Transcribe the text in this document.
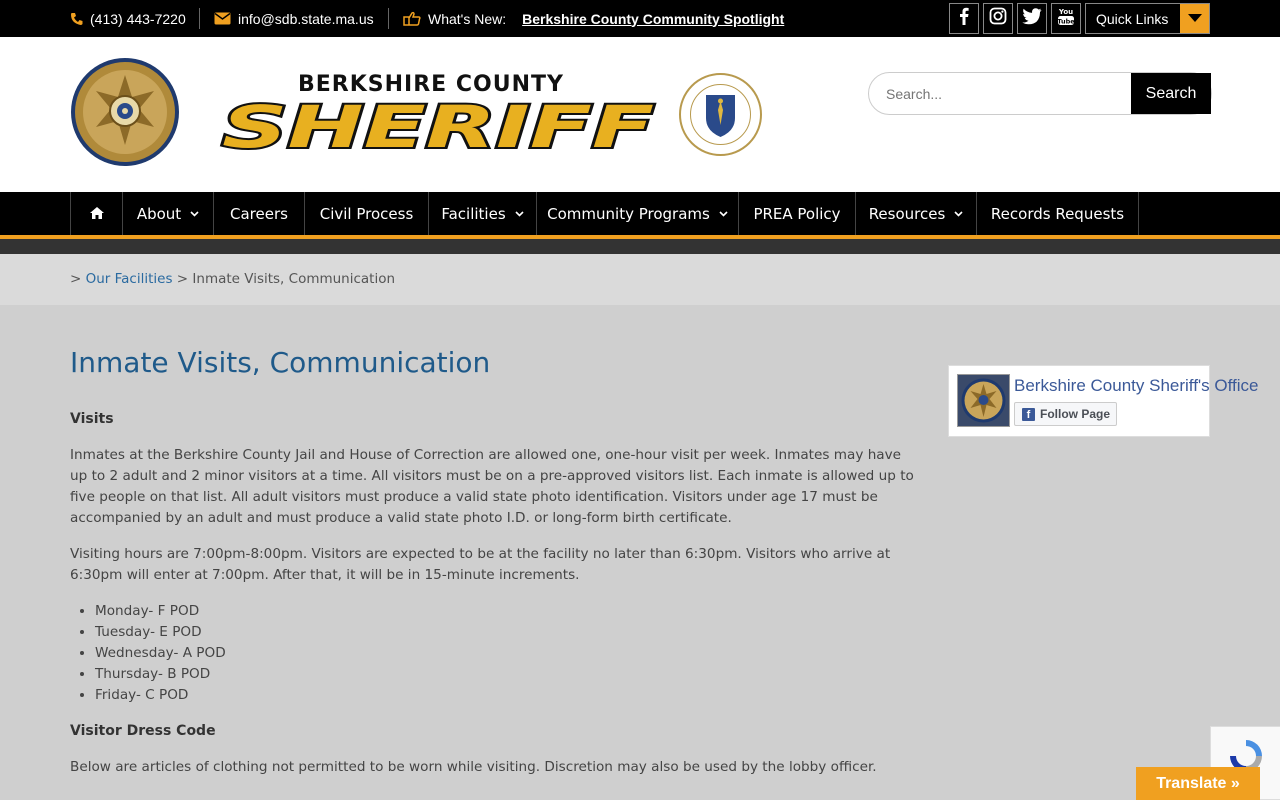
(413) 443-7220	info@sdb.state.ma.us	What's New: Berkshire County Community Spotlight	You
Tube	Quick Links
BERKSHIRE COUNTY
SHERIFF
Search...	Search
About	Careers Civil Process Facilities	Community Programs	PREA Policy Resources	Records Requests
> Our Facilities > Inmate Visits, Communication
Inmate Visits, Communication
Visits

Inmates at the Berkshire County Jail and House of Correction are allowed one, one-hour visit per week. Inmates may have up to 2 adult and 2 minor visitors at a time. All visitors must be on a pre-approved visitors list. Each inmate is allowed up to five people on that list. All adult visitors must produce a valid state photo identification. Visitors under age 17 must be accompanied by an adult and must produce a valid state photo I.D. or long-form birth certificate.

Visiting hours are 7:00pm-8:00pm. Visitors are expected to be at the facility no later than 6:30pm. Visitors who arrive at 6:30pm will enter at 7:00pm. After that, it will be in 15-minute increments.

• Monday- F POD
• Tuesday- E POD
• Wednesday- A POD
• Thursday- B POD
• Friday- C POD
Visitor Dress Code

Below are articles of clothing not permitted to be worn while visiting. Discretion may also be used by the lobby officer.

Berkshire County Sheriff's Office
f Follow Page
Translate »
